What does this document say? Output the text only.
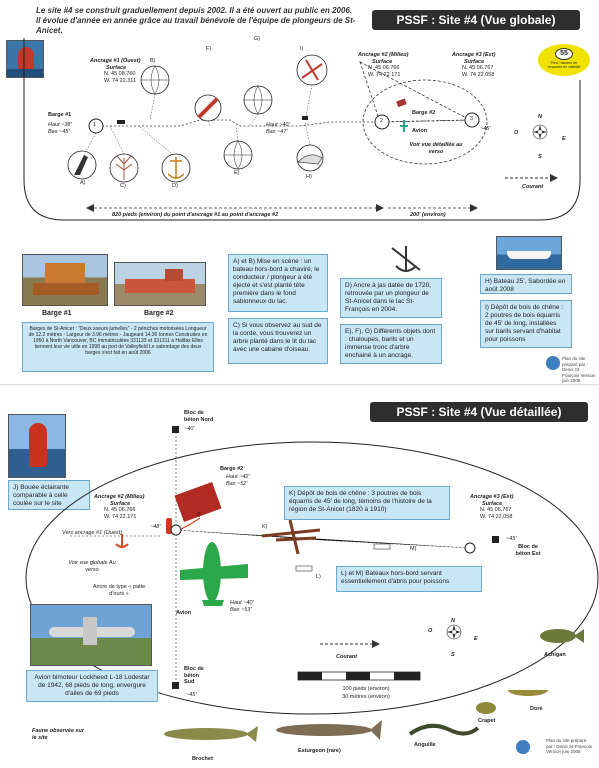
Le site #4 se construit graduellement depuis 2002. Il a été ouvert au public en 2006.
Il évolue d'année en année grâce au travail bénévole de l'équipe de plongeurs de St-Anicet.
PSSF : Site #4 (Vue globale)
55
Pied / hauteur de rencontre de visibilité
Ancrage #1 (Ouest)
Surface
N. 45 08.760
W. 74 22.311
Ancrage #2 (Milieu)
Surface
N. 45 06.766
W. 74 22.171
Ancrage #3 (Est)
Surface
N. 45 06.767
W. 74 22.058
Barge #1
Haut ~38'
Bas ~45'
1
2	3
Barge #2
Avion
Haut ~40'
Bas ~47'	~45'
Voir vue détaillée au verso
Courant
820 pieds (environ) du point d'ancrage #1 au point d'ancrage #2	200' (environ)
A)
B)
C)	D)
E)
F)
G)
H)
I)
N
S
E
O
Barge #1	Barge #2
Barges de St-Anicet : "Deux soeurs jumelles" - 2 péniches motorisées Longueur de 12.2 mètres - Largeur de 3.96 mètres - Jaugeant 14.36 tonnes Construites en 1950 à North Vancouver, BC Immatriculées 331133 et 331311 à Halifax Elles tiennent leur vie utile en 1998 au port de Valleyfield Le sabordage des deux barges s'est fait en août 2006
A) et B) Mise en scène : un bateau hors-bord a chaviré, le conducteur / plongeur a été éjecté et s'est planté tête première dans le fond sablonneux du lac.
C) Si vous observez au sud de la corde, vous trouverez un arbre planté dans le lit du lac avec une cabane d'oiseau.
D) Ancre à jas datée de 1720, retrouvée par un plongeur de St-Anicet dans le lac St-François en 2004.
E), F), G) Différents objets dont : chaloupes, barils et un immense tronc d'arbre enchainé à un ancrage.
H) Bateau 25', Sabordée en août 2008
I) Dépôt de bois de chêne : 2 poutres de bois équarris de 45' de long, installées sur barils servant d'habitat pour poissons
Plan du site préparé par : Denis St-François Version juin 2008
PSSF : Site #4 (Vue détaillée)
J) Bouée éclairante comparable à celle coulée sur le site
Bloc de béton Nord
~40'
Barge #2
Haut ~42'
Bas ~52'
K) Dépôt de bois de chêne : 3 poutres de bois équarris de 45' de long, témoins de l'histoire de la région de St-Anicet (1820 à 1910)
Ancrage #2 (Milieu)
Surface
N. 45 06.766
W. 74 22.171
Ancrage #3 (Est)
Surface
N. 45 06.767
W. 74 22.058
J)
K)
L)
M)
~48'
~45'
Bloc de béton Est
Vers ancrage #1 (Ouest)
Voir vue globale Au verso
Ancre de type « patte d'ours »
L) et M) Bateaux hors-bord servant essentiellement d'abris pour poissons
Avion
Haut ~40'
Bas ~53'
Courant
100 pieds (environ)
30 mètres (environ)
Bloc de béton Sud
~45'
N
S
E
O
Avion bimoteur Lockheed L-18 Lodestar de 1942, 68 pieds de long, envergure d'ailes de 69 pieds
Faune observée sur le site
Brochet
Esturgeon (rare)
Anguille
Crapet
Doré
Achigan
Plan du site préparé par : Denis St-François Version juin 2008
